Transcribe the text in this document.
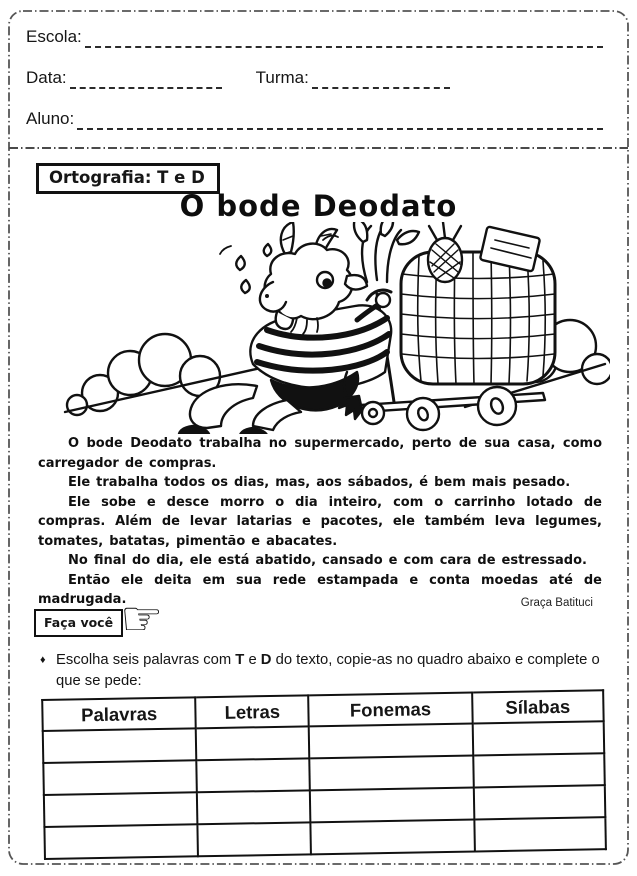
Escola:
Data:	Turma:
Aluno:
Ortografia: T e D
O bode Deodato

O bode Deodato trabalha no supermercado, perto de sua casa, como carregador de compras.

Ele trabalha todos os dias, mas, aos sábados, é bem mais pesado.

Ele sobe e desce morro o dia inteiro, com o carrinho lotado de compras. Além de levar latarias e pacotes, ele também leva legumes, tomates, batatas, pimentão e abacates.

No final do dia, ele está abatido, cansado e com cara de estressado.

Então ele deita em sua rede estampada e conta moedas até de madrugada.	Graça Batituci
Faça você ☞
♦ Escolha seis palavras com T e D do texto, copie-as no quadro abaixo e complete o que se pede:
Palavras	Letras	Fonemas	Sílabas
